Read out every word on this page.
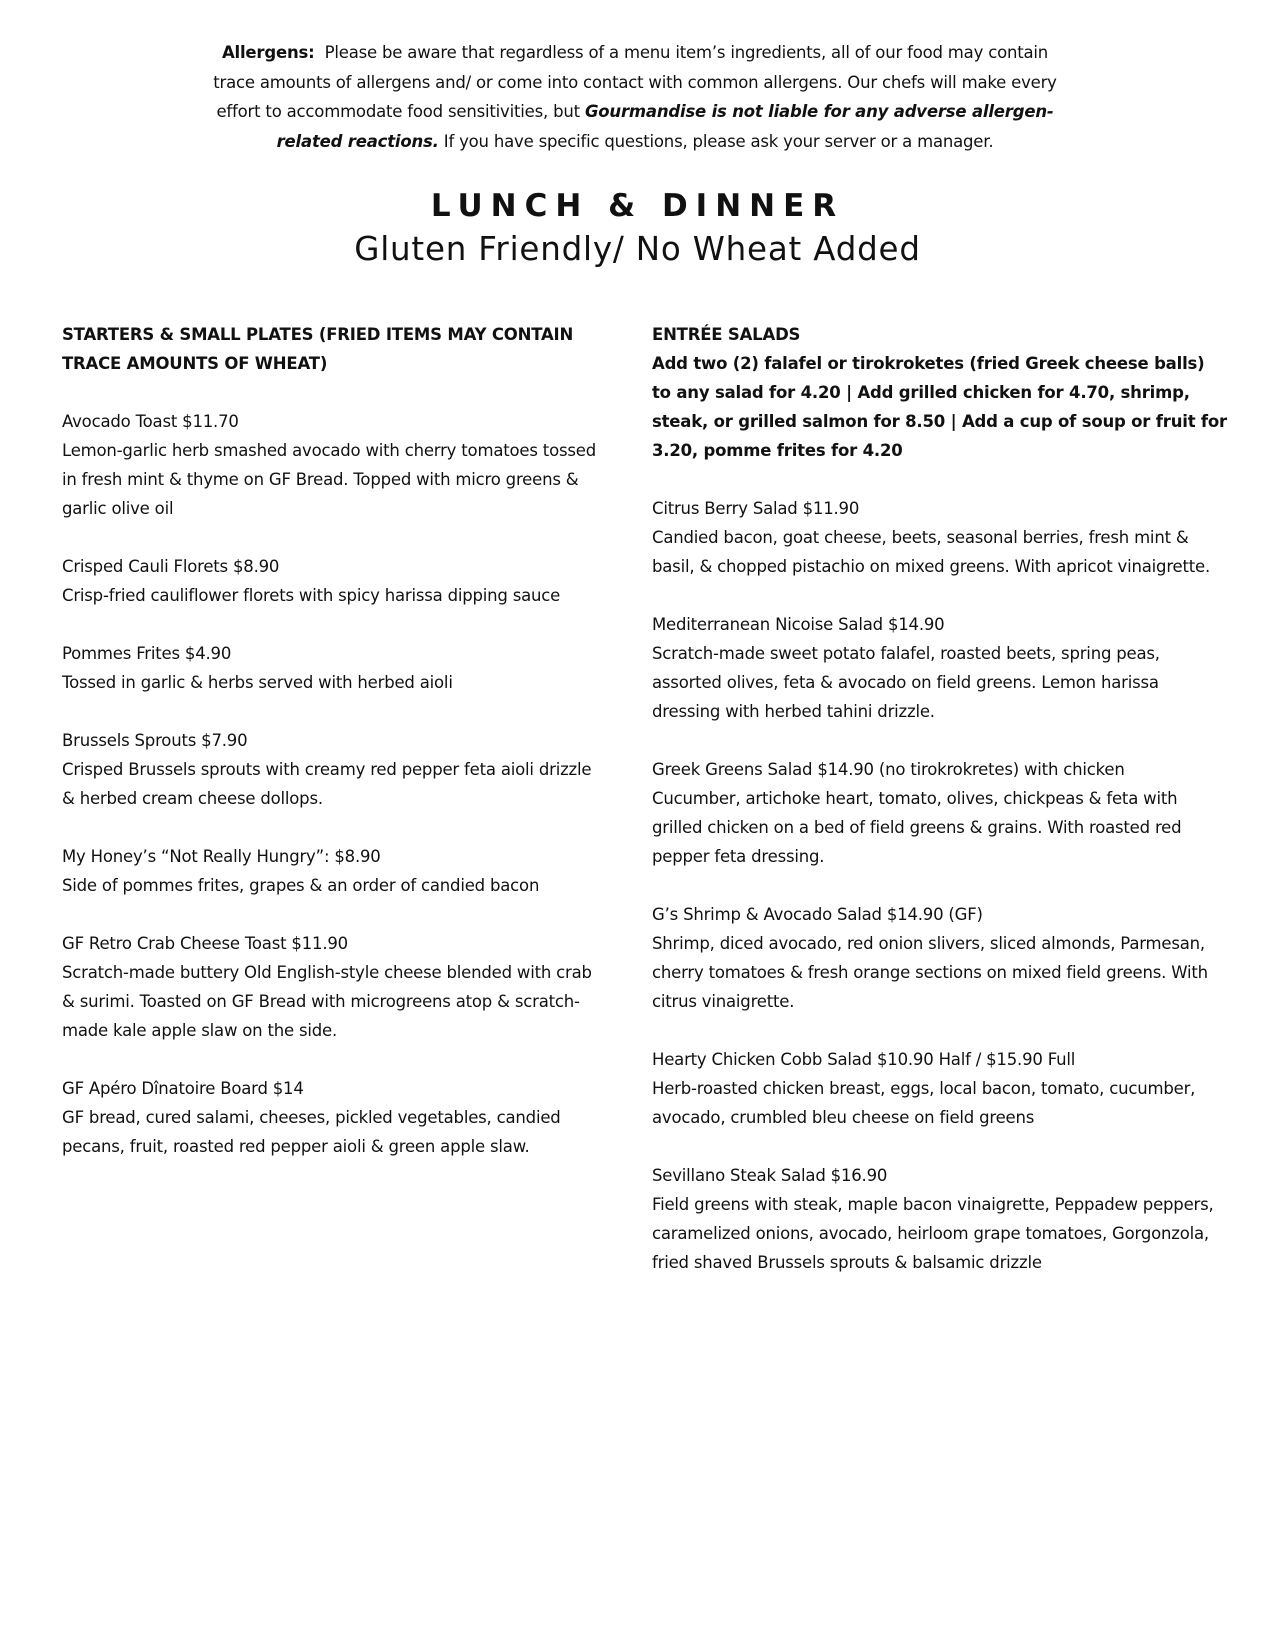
Allergens: Please be aware that regardless of a menu item’s ingredients, all of our food may contain trace amounts of allergens and/ or come into contact with common allergens. Our chefs will make every effort to accommodate food sensitivities, but Gourmandise is not liable for any adverse allergen-related reactions. If you have specific questions, please ask your server or a manager.
LUNCH & DINNER
Gluten Friendly/ No Wheat Added

STARTERS & SMALL PLATES (FRIED ITEMS MAY CONTAIN TRACE AMOUNTS OF WHEAT)

Avocado Toast $11.70

Lemon-garlic herb smashed avocado with cherry tomatoes tossed in fresh mint & thyme on GF Bread. Topped with micro greens & garlic olive oil

Crisped Cauli Florets $8.90

Crisp-fried cauliflower florets with spicy harissa dipping sauce

Pommes Frites $4.90

Tossed in garlic & herbs served with herbed aioli

Brussels Sprouts $7.90

Crisped Brussels sprouts with creamy red pepper feta aioli drizzle & herbed cream cheese dollops.

My Honey’s “Not Really Hungry”: $8.90

Side of pommes frites, grapes & an order of candied bacon

GF Retro Crab Cheese Toast $11.90

Scratch-made buttery Old English-style cheese blended with crab & surimi. Toasted on GF Bread with microgreens atop & scratch-made kale apple slaw on the side.

GF Apéro Dînatoire Board $14

GF bread, cured salami, cheeses, pickled vegetables, candied pecans, fruit, roasted red pepper aioli & green apple slaw.

ENTRÉE SALADS

Add two (2) falafel or tirokroketes (fried Greek cheese balls) to any salad for 4.20 | Add grilled chicken for 4.70, shrimp, steak, or grilled salmon for 8.50 | Add a cup of soup or fruit for 3.20, pomme frites for 4.20

Citrus Berry Salad $11.90

Candied bacon, goat cheese, beets, seasonal berries, fresh mint & basil, & chopped pistachio on mixed greens. With apricot vinaigrette.

Mediterranean Nicoise Salad $14.90

Scratch-made sweet potato falafel, roasted beets, spring peas, assorted olives, feta & avocado on field greens. Lemon harissa dressing with herbed tahini drizzle.

Greek Greens Salad $14.90 (no tirokrokretes) with chicken

Cucumber, artichoke heart, tomato, olives, chickpeas & feta with grilled chicken on a bed of field greens & grains. With roasted red pepper feta dressing.

G’s Shrimp & Avocado Salad $14.90 (GF)

Shrimp, diced avocado, red onion slivers, sliced almonds, Parmesan, cherry tomatoes & fresh orange sections on mixed field greens. With citrus vinaigrette.

Hearty Chicken Cobb Salad $10.90 Half / $15.90 Full

Herb-roasted chicken breast, eggs, local bacon, tomato, cucumber, avocado, crumbled bleu cheese on field greens

Sevillano Steak Salad $16.90

Field greens with steak, maple bacon vinaigrette, Peppadew peppers, caramelized onions, avocado, heirloom grape tomatoes, Gorgonzola, fried shaved Brussels sprouts & balsamic drizzle
